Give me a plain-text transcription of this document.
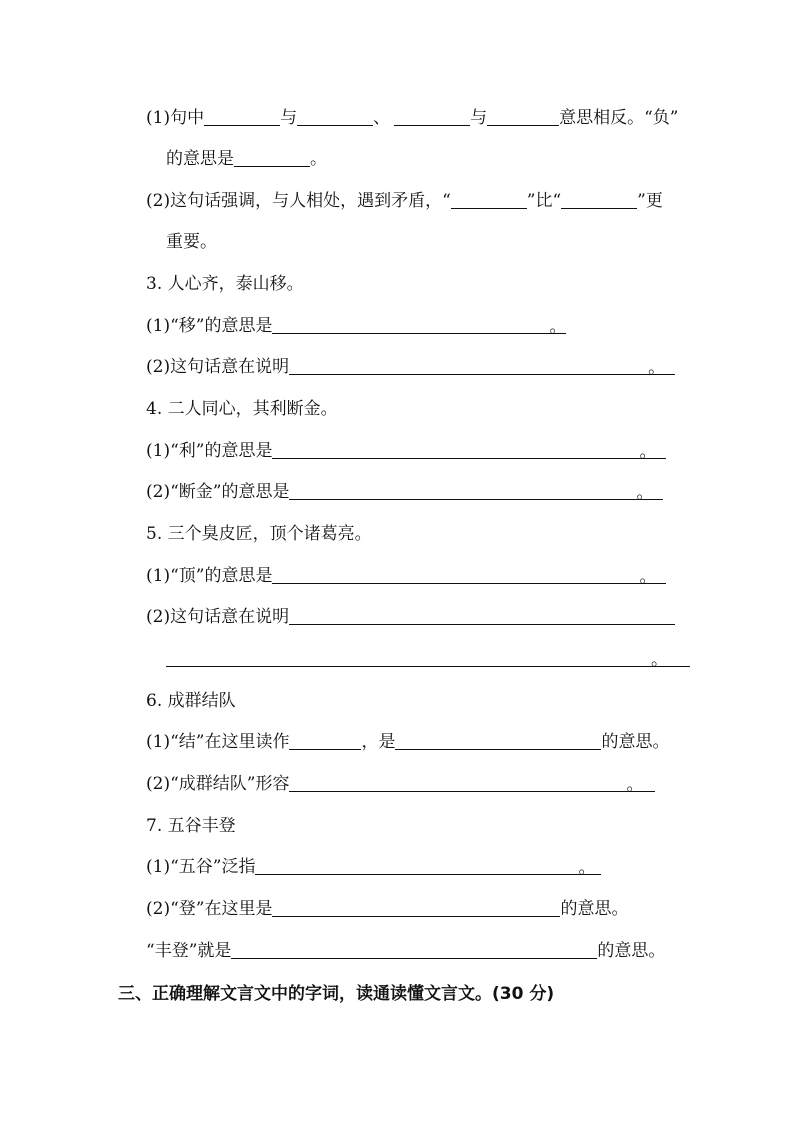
(1)句中	与	、	与	意思相反。“负”
的意思是	。
(2)这句话强调，与人相处，遇到矛盾，“	”比“	”更
重要。
3. 人心齐，泰山移。
(1)“移”的意思是	。
(2)这句话意在说明	。
4. 二人同心，其利断金。
(1)“利”的意思是	。
(2)“断金”的意思是	。
5. 三个臭皮匠，顶个诸葛亮。
(1)“顶”的意思是	。
(2)这句话意在说明
。
6. 成群结队
(1)“结”在这里读作	，是	的意思。
(2)“成群结队”形容	。
7. 五谷丰登
(1)“五谷”泛指	。
(2)“登”在这里是	的意思。
“丰登”就是	的意思。
三、正确理解文言文中的字词，读通读懂文言文。(30 分)
